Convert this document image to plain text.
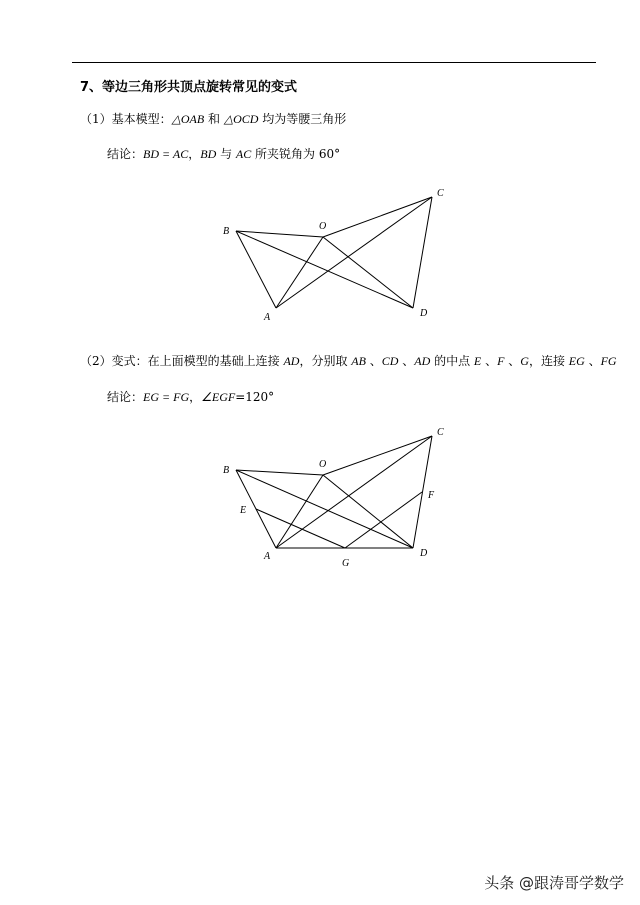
7、等边三角形共顶点旋转常见的变式
（1）基本模型：△OAB 和 △OCD 均为等腰三角形
结论：BD = AC，BD 与 AC 所夹锐角为 60°
B	O
C
A	D
B
O
C
E
F
A
G
D
（2）变式：在上面模型的基础上连接 AD，分别取 AB 、CD 、AD 的中点 E 、F 、G，连接 EG 、FG
结论：EG = FG，∠EGF=120°
头条 @跟涛哥学数学
